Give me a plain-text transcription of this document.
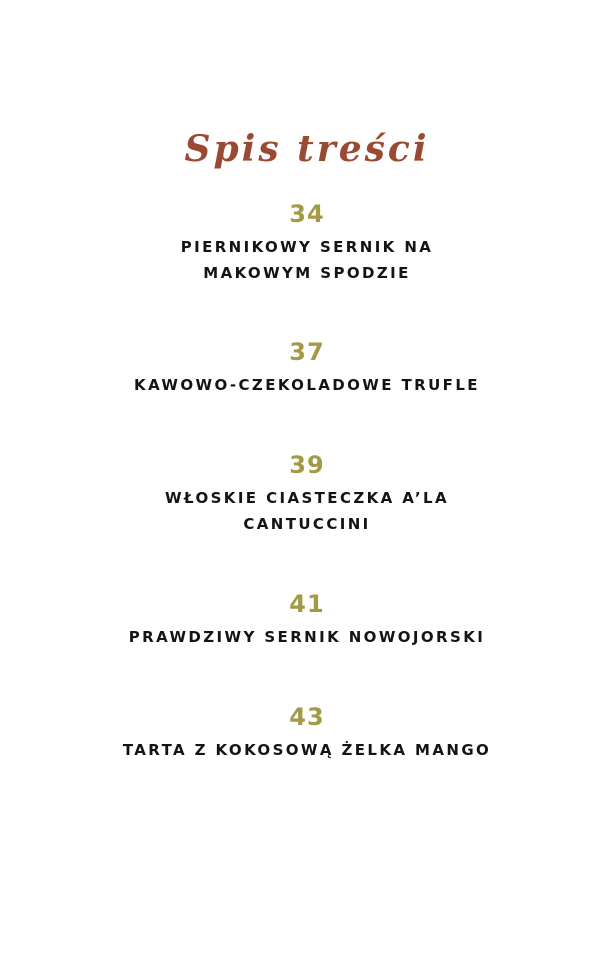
Spis treści
34
PIERNIKOWY SERNIK NA
MAKOWYM SPODZIE
37
KAWOWO-CZEKOLADOWE TRUFLE
39
WŁOSKIE CIASTECZKA A’LA
CANTUCCINI
41
PRAWDZIWY SERNIK NOWOJORSKI
43
TARTA Z KOKOSOWĄ ŻELKA MANGO
